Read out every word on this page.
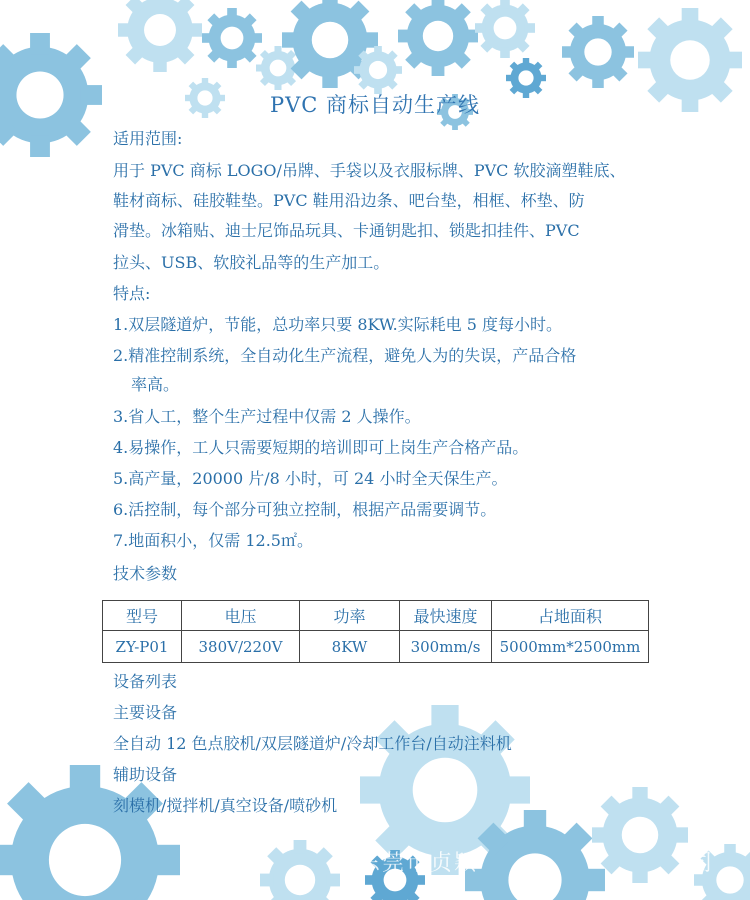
PVC 商标自动生产线
适用范围:
用于 PVC 商标 LOGO/吊牌、手袋以及衣服标牌、PVC 软胶滴塑鞋底、
鞋材商标、硅胶鞋垫。PVC 鞋用沿边条、吧台垫，相框、杯垫、防
滑垫。冰箱贴、迪士尼饰品玩具、卡通钥匙扣、锁匙扣挂件、PVC
拉头、USB、软胶礼品等的生产加工。
特点:
1.双层隧道炉，节能，总功率只要 8KW.实际耗电 5 度每小时。
2.精准控制系统，全自动化生产流程，避免人为的失误，产品合格
率高。
3.省人工，整个生产过程中仅需 2 人操作。
4.易操作，工人只需要短期的培训即可上岗生产合格产品。
5.高产量，20000 片/8 小时，可 24 小时全天保生产。
6.活控制，每个部分可独立控制，根据产品需要调节。
7.地面积小，仅需 12.5㎡。
技术参数
型号	电压	功率	最快速度	占地面积
ZY-P01	380V/220V	8KW	300mm/s	5000mm*2500mm
设备列表
主要设备
全自动 12 色点胶机/双层隧道炉/冷却工作台/自动注料机
辅助设备
刻模机/搅拌机/真空设备/喷砂机
东莞市贞颖	司
